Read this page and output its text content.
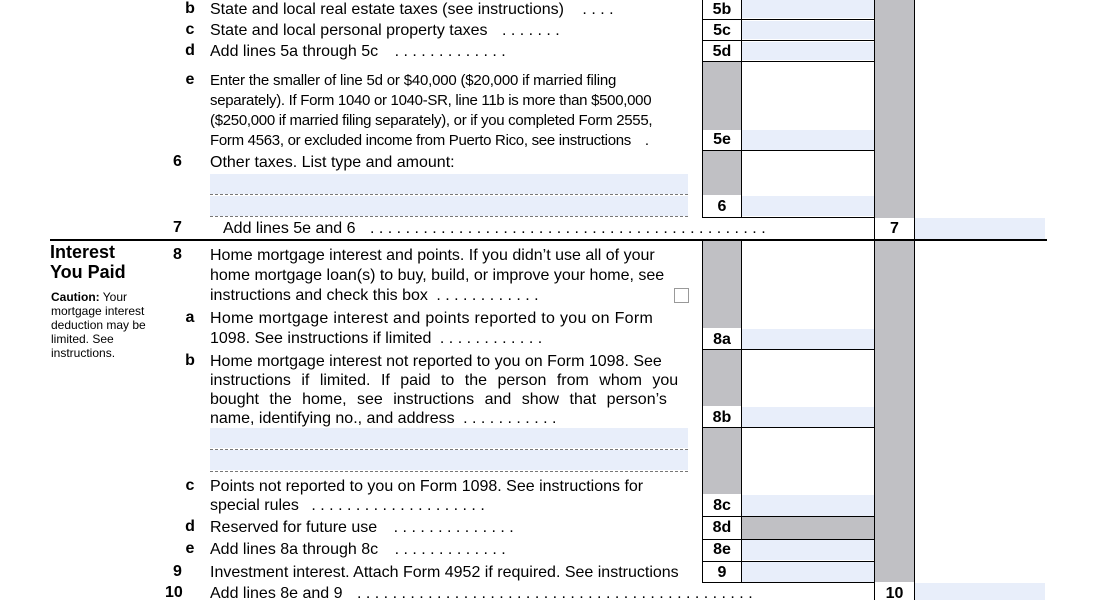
Interest
You Paid
Caution: Your
mortgage interest
deduction may be
limited. See
instructions.
b State and local real estate taxes (see instructions) . . . .	5b
c State and local personal property taxes . . . . . . .	5c
d Add lines 5a through 5c . . . . . . . . . . . . .	5d
e	Enter the smaller of line 5d or $40,000 ($20,000 if married filing
separately). If Form 1040 or 1040-SR, line 11b is more than $500,000
($250,000 if married filing separately), or if you completed Form 2555,
Form 4563, or excluded income from Puerto Rico, see instructions .	5e
6 Other taxes. List type and amount:
6
7	Add lines 5e and 6 . . . . . . . . . . . . . . . . . . . . . . . . . . . . . . . . . . . . . . . . . . . . .	7
8 Home mortgage interest and points. If you didn’t use all of your
home mortgage loan(s) to buy, build, or improve your home, see
instructions and check this box . . . . . . . . . . . .
a Home mortgage interest and points reported to you on Form
1098. See instructions if limited . . . . . . . . . . . .	8a
b Home mortgage interest not reported to you on Form 1098. See
instructions if limited. If paid to the person from whom you
bought the home, see instructions and show that person’s
name, identifying no., and address . . . . . . . . . . .	8b
c Points not reported to you on Form 1098. See instructions for
special rules . . . . . . . . . . . . . . . . . . . .	8c
d Reserved for future use . . . . . . . . . . . . . .	8d
e Add lines 8a through 8c . . . . . . . . . . . . .	8e
9 Investment interest. Attach Form 4952 if required. See instructions	9
10 Add lines 8e and 9 . . . . . . . . . . . . . . . . . . . . . . . . . . . . . . . . . . . . . . . . . . . . .	10
